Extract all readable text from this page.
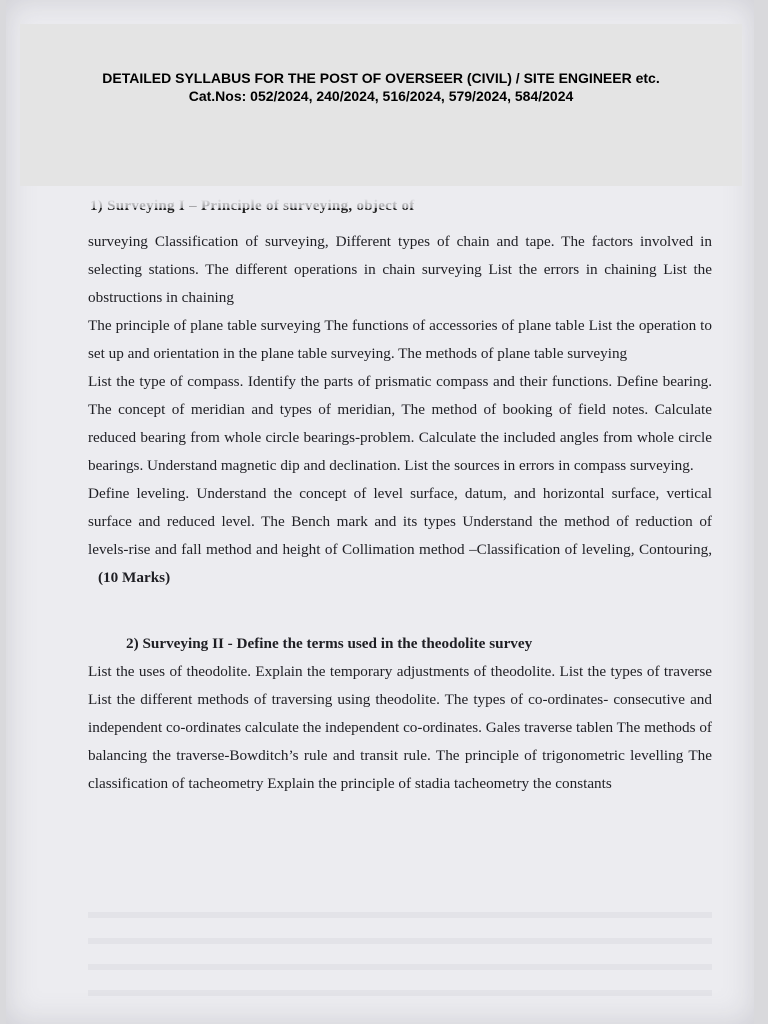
DETAILED SYLLABUS FOR THE POST OF OVERSEER (CIVIL) / SITE ENGINEER etc.
Cat.Nos: 052/2024, 240/2024, 516/2024, 579/2024, 584/2024

surveying Classification of surveying, Different types of chain and tape. The factors involved in selecting stations. The different operations in chain surveying List the errors in chaining List the obstructions in chaining

The principle of plane table surveying The functions of accessories of plane table List the operation to set up and orientation in the plane table surveying. The methods of plane table surveying

List the type of compass. Identify the parts of prismatic compass and their functions. Define bearing. The concept of meridian and types of meridian, The method of booking of field notes. Calculate reduced bearing from whole circle bearings-problem. Calculate the included angles from whole circle bearings. Understand magnetic dip and declination. List the sources in errors in compass surveying.

Define leveling. Understand the concept of level surface, datum, and horizontal surface, vertical surface and reduced level. The Bench mark and its types Understand the method of reduction of levels-rise and fall method and height of Collimation method –Classification of leveling, Contouring,(10 Marks)

2) Surveying II - Define the terms used in the theodolite survey

List the uses of theodolite. Explain the temporary adjustments of theodolite. List the types of traverse List the different methods of traversing using theodolite. The types of co-ordinates- consecutive and independent co-ordinates calculate the independent co-ordinates. Gales traverse tablen The methods of balancing the traverse-Bowditch’s rule and transit rule. The principle of trigonometric levelling The classification of tacheometry Explain the principle of stadia tacheometry the constants
